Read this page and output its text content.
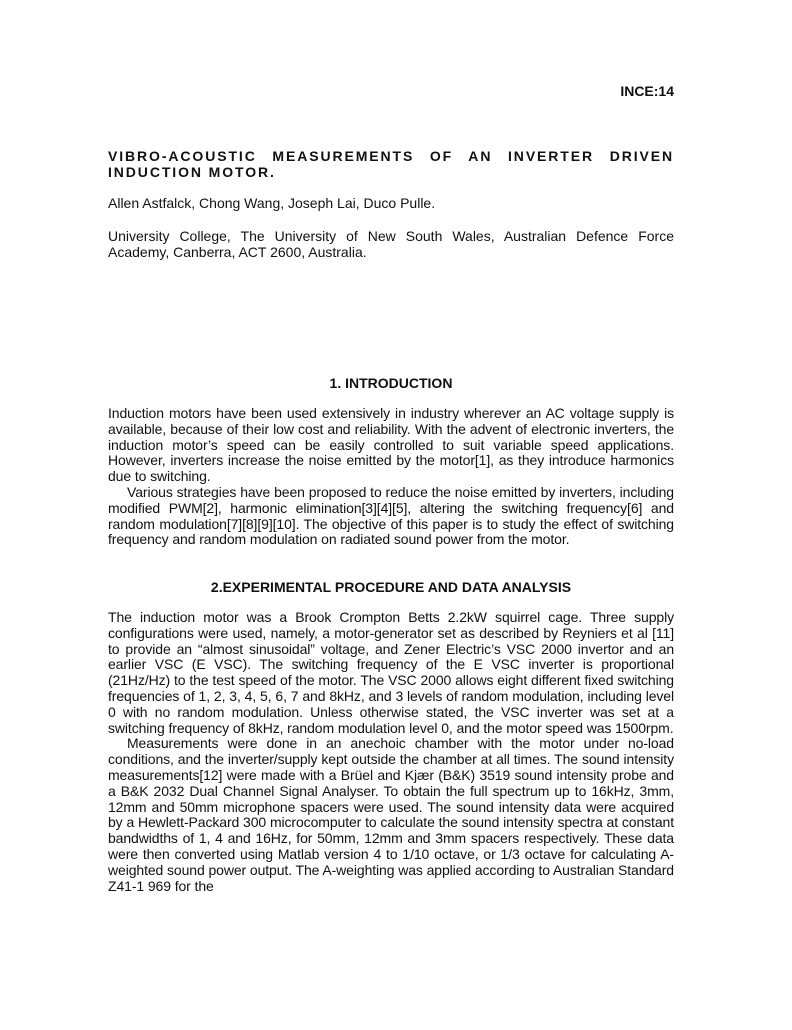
INCE:14

VIBRO-ACOUSTIC MEASUREMENTS OF AN INVERTER DRIVEN INDUCTION MOTOR.

Allen Astfalck, Chong Wang, Joseph Lai, Duco Pulle.

University College, The University of New South Wales, Australian Defence Force Academy, Canberra, ACT 2600, Australia.

1. INTRODUCTION

Induction motors have been used extensively in industry wherever an AC voltage supply is available, because of their low cost and reliability. With the advent of electronic inverters, the induction motor’s speed can be easily controlled to suit variable speed applications. However, inverters increase the noise emitted by the motor[1], as they introduce harmonics due to switching.

Various strategies have been proposed to reduce the noise emitted by inverters, including modified PWM[2], harmonic elimination[3][4][5], altering the switching frequency[6] and random modulation[7][8][9][10]. The objective of this paper is to study the effect of switching frequency and random modulation on radiated sound power from the motor.

2.EXPERIMENTAL PROCEDURE AND DATA ANALYSIS

The induction motor was a Brook Crompton Betts 2.2kW squirrel cage. Three supply configurations were used, namely, a motor-generator set as described by Reyniers et al [11] to provide an “almost sinusoidal” voltage, and Zener Electric’s VSC 2000 invertor and an earlier VSC (E VSC). The switching frequency of the E VSC inverter is proportional (21Hz/Hz) to the test speed of the motor. The VSC 2000 allows eight different fixed switching frequencies of 1, 2, 3, 4, 5, 6, 7 and 8kHz, and 3 levels of random modulation, including level 0 with no random modulation. Unless otherwise stated, the VSC inverter was set at a switching frequency of 8kHz, random modulation level 0, and the motor speed was 1500rpm.

Measurements were done in an anechoic chamber with the motor under no-load conditions, and the inverter/supply kept outside the chamber at all times. The sound intensity measurements[12] were made with a Brüel and Kjær (B&K) 3519 sound intensity probe and a B&K 2032 Dual Channel Signal Analyser. To obtain the full spectrum up to 16kHz, 3mm, 12mm and 50mm microphone spacers were used. The sound intensity data were acquired by a Hewlett-Packard 300 microcomputer to calculate the sound intensity spectra at constant bandwidths of 1, 4 and 16Hz, for 50mm, 12mm and 3mm spacers respectively. These data were then converted using Matlab version 4 to 1/10 octave, or 1/3 octave for calculating A-weighted sound power output. The A-weighting was applied according to Australian Standard Z41-1 969 for the
